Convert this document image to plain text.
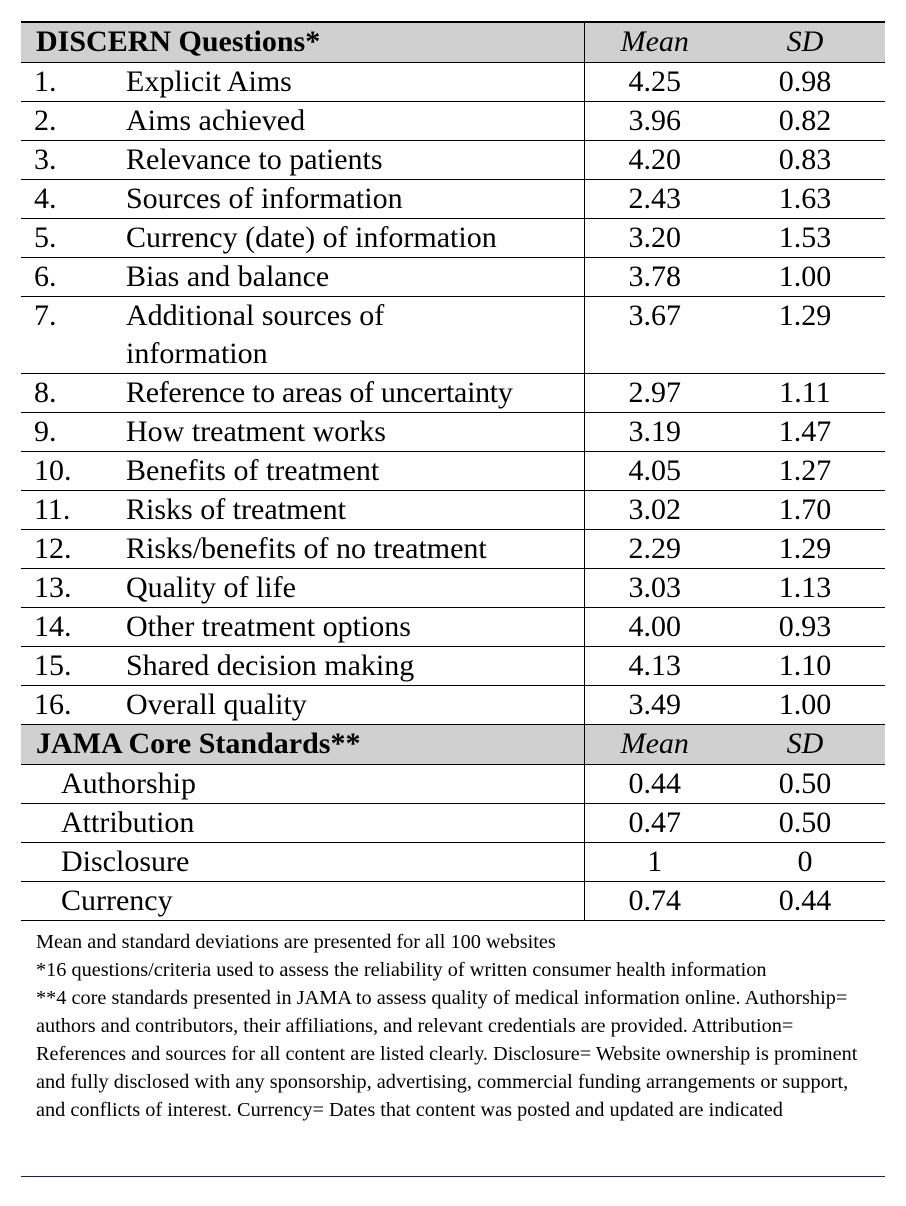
DISCERN Questions*	Mean	SD
1. Explicit Aims	4.25	0.98
2. Aims achieved	3.96	0.82
3. Relevance to patients	4.20	0.83
4. Sources of information	2.43	1.63
5. Currency (date) of information	3.20	1.53
6. Bias and balance	3.78	1.00
7. Additional sources of information	3.67	1.29
8. Reference to areas of uncertainty	2.97	1.11
9. How treatment works	3.19	1.47
10. Benefits of treatment	4.05	1.27
11. Risks of treatment	3.02	1.70
12. Risks/benefits of no treatment	2.29	1.29
13. Quality of life	3.03	1.13
14. Other treatment options	4.00	0.93
15. Shared decision making	4.13	1.10
16. Overall quality	3.49	1.00
JAMA Core Standards**	Mean	SD
Authorship	0.44	0.50
Attribution	0.47	0.50
Disclosure	1	0
Currency	0.74	0.44

Mean and standard deviations are presented for all 100 websites

*16 questions/criteria used to assess the reliability of written consumer health information

**4 core standards presented in JAMA to assess quality of medical information online. Authorship= authors and contributors, their affiliations, and relevant credentials are provided. Attribution= References and sources for all content are listed clearly. Disclosure= Website ownership is prominent and fully disclosed with any sponsorship, advertising, commercial funding arrangements or support, and conflicts of interest. Currency= Dates that content was posted and updated are indicated
